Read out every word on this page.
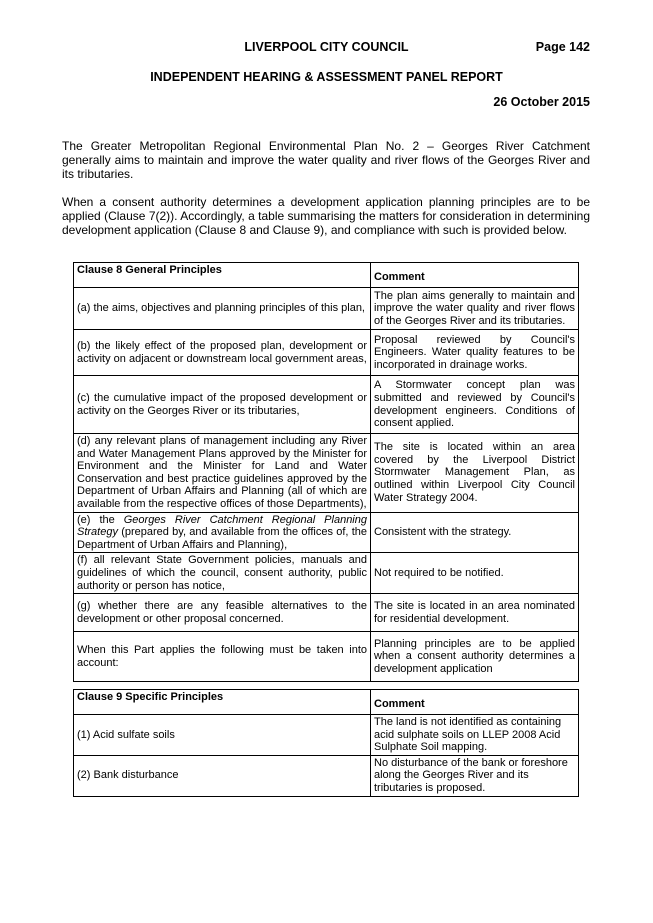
LIVERPOOL CITY COUNCIL	Page 142
INDEPENDENT HEARING & ASSESSMENT PANEL REPORT
26 October 2015

The Greater Metropolitan Regional Environmental Plan No. 2 – Georges River Catchment generally aims to maintain and improve the water quality and river flows of the Georges River and its tributaries.

When a consent authority determines a development application planning principles are to be applied (Clause 7(2)). Accordingly, a table summarising the matters for consideration in determining development application (Clause 8 and Clause 9), and compliance with such is provided below.

Clause 8 General Principles	Comment
(a) the aims, objectives and planning principles of this plan,	The plan aims generally to maintain and improve the water quality and river flows of the Georges River and its tributaries.
(b) the likely effect of the proposed plan, development or activity on adjacent or downstream local government areas,	Proposal reviewed by Council's Engineers. Water quality features to be incorporated in drainage works.
(c) the cumulative impact of the proposed development or activity on the Georges River or its tributaries,	A Stormwater concept plan was submitted and reviewed by Council's development engineers. Conditions of consent applied.
(d) any relevant plans of management including any River and Water Management Plans approved by the Minister for Environment and the Minister for Land and Water Conservation and best practice guidelines approved by the Department of Urban Affairs and Planning (all of which are available from the respective offices of those Departments),	The site is located within an area covered by the Liverpool District Stormwater Management Plan, as outlined within Liverpool City Council Water Strategy 2004.
(e) the Georges River Catchment Regional Planning Strategy (prepared by, and available from the offices of, the Department of Urban Affairs and Planning),	Consistent with the strategy.
(f) all relevant State Government policies, manuals and guidelines of which the council, consent authority, public authority or person has notice,	Not required to be notified.
(g) whether there are any feasible alternatives to the development or other proposal concerned.	The site is located in an area nominated for residential development.
When this Part applies the following must be taken into account:	Planning principles are to be applied when a consent authority determines a development application
Clause 9 Specific Principles	Comment
(1) Acid sulfate soils	The land is not identified as containing acid sulphate soils on LLEP 2008 Acid Sulphate Soil mapping.
(2) Bank disturbance	No disturbance of the bank or foreshore along the Georges River and its tributaries is proposed.
